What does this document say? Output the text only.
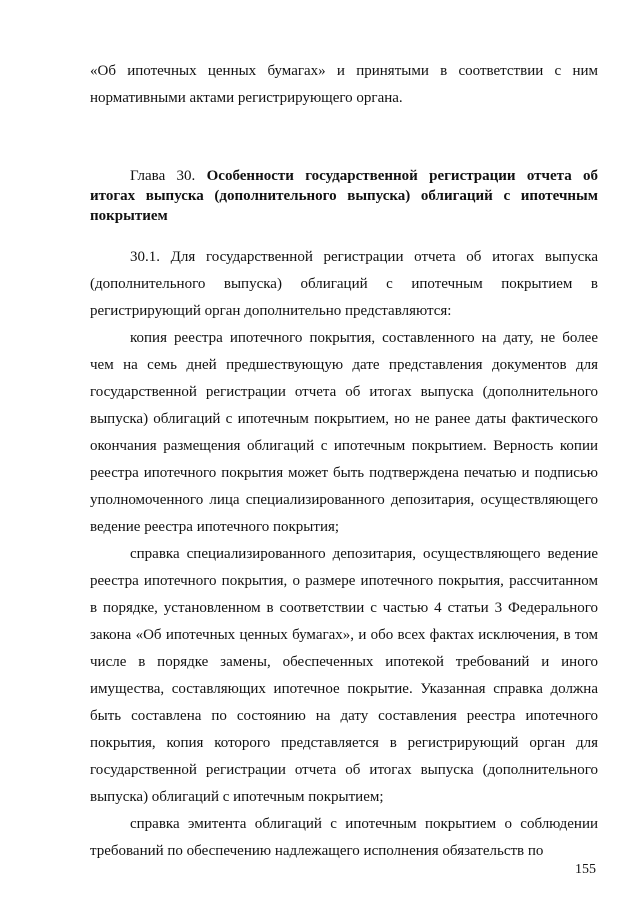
«Об ипотечных ценных бумагах» и принятыми в соответствии с ним нормативными актами регистрирующего органа.

Глава 30. Особенности государственной регистрации отчета об итогах выпуска (дополнительного выпуска) облигаций с ипотечным покрытием

30.1. Для государственной регистрации отчета об итогах выпуска (дополнительного выпуска) облигаций с ипотечным покрытием в регистрирующий орган дополнительно представляются:

копия реестра ипотечного покрытия, составленного на дату, не более чем на семь дней предшествующую дате представления документов для государственной регистрации отчета об итогах выпуска (дополнительного выпуска) облигаций с ипотечным покрытием, но не ранее даты фактического окончания размещения облигаций с ипотечным покрытием. Верность копии реестра ипотечного покрытия может быть подтверждена печатью и подписью уполномоченного лица специализированного депозитария, осуществляющего ведение реестра ипотечного покрытия;

справка специализированного депозитария, осуществляющего ведение реестра ипотечного покрытия, о размере ипотечного покрытия, рассчитанном в порядке, установленном в соответствии с частью 4 статьи 3 Федерального закона «Об ипотечных ценных бумагах», и обо всех фактах исключения, в том числе в порядке замены, обеспеченных ипотекой требований и иного имущества, составляющих ипотечное покрытие. Указанная справка должна быть составлена по состоянию на дату составления реестра ипотечного покрытия, копия которого представляется в регистрирующий орган для государственной регистрации отчета об итогах выпуска (дополнительного выпуска) облигаций с ипотечным покрытием;

справка эмитента облигаций с ипотечным покрытием о соблюдении требований по обеспечению надлежащего исполнения обязательств по

155
